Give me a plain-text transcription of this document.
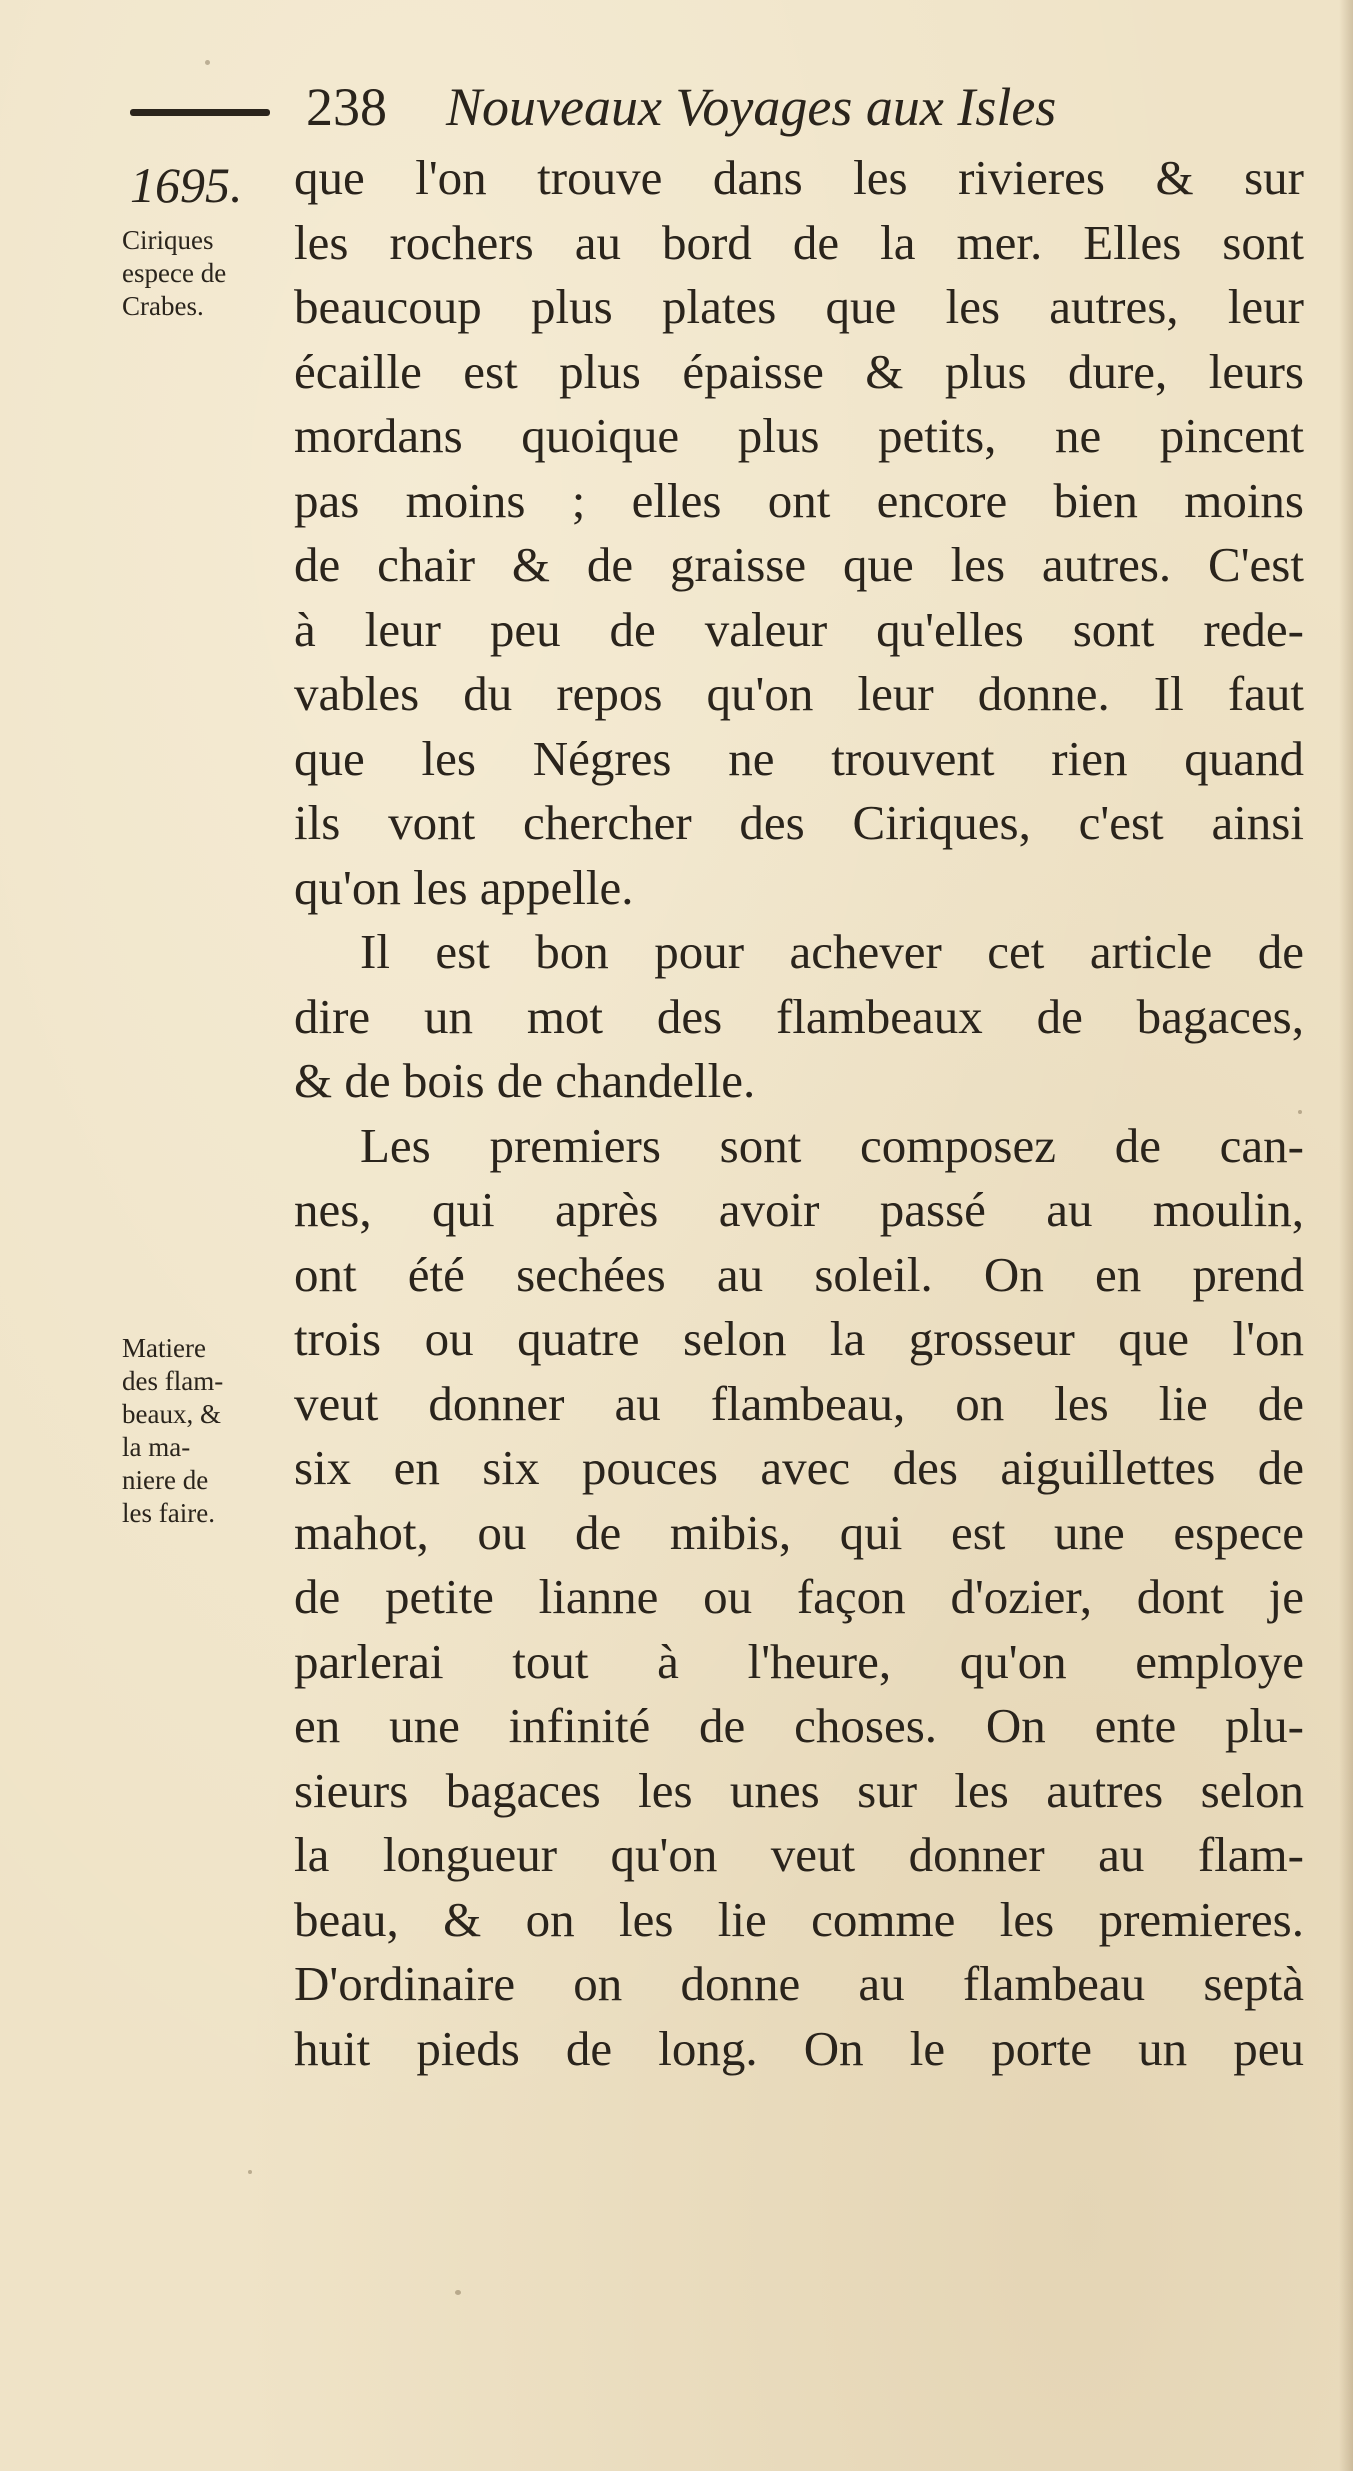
238 Nouveaux Voyages aux Isles
1695.
Ciriques
espece de
Crabes.
Matiere
des flam-
beaux, &
la ma-
niere de
les faire.
que l'on trouve dans les rivieres & sur
les rochers au bord de la mer. Elles sont
beaucoup plus plates que les autres, leur
écaille est plus épaisse & plus dure, leurs
mordans quoique plus petits, ne pincent
pas moins ; elles ont encore bien moins
de chair & de graisse que les autres. C'est
à leur peu de valeur qu'elles sont rede-
vables du repos qu'on leur donne. Il faut
que les Négres ne trouvent rien quand
ils vont chercher des Ciriques, c'est ainsi
qu'on les appelle.
Il est bon pour achever cet article de
dire un mot des flambeaux de bagaces,
& de bois de chandelle.
Les premiers sont composez de can-
nes, qui après avoir passé au moulin,
ont été sechées au soleil. On en prend
trois ou quatre selon la grosseur que l'on
veut donner au flambeau, on les lie de
six en six pouces avec des aiguillettes de
mahot, ou de mibis, qui est une espece
de petite lianne ou façon d'ozier, dont je
parlerai tout à l'heure, qu'on employe
en une infinité de choses. On ente plu-
sieurs bagaces les unes sur les autres selon
la longueur qu'on veut donner au flam-
beau, & on les lie comme les premieres.
D'ordinaire on donne au flambeau septà
huit pieds de long. On le porte un peu
